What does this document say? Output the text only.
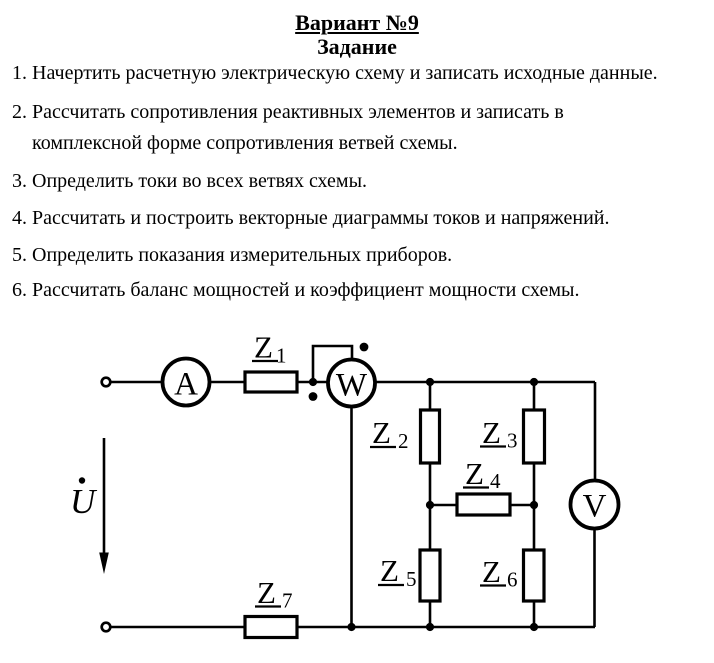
Вариант №9
Задание
1. Начертить расчетную электрическую схему и записать исходные данные.
2. Рассчитать сопротивления реактивных элементов и записать в
комплексной форме сопротивления ветвей схемы.
3. Определить токи во всех ветвях схемы.
4. Рассчитать и построить векторные диаграммы токов и напряжений.
5. Определить показания измерительных приборов.
6. Рассчитать баланс мощностей и коэффициент мощности схемы.
U
A	W
V
Z 1
Z 2 Z 3
Z 4
Z 5 Z 6
Z 7
